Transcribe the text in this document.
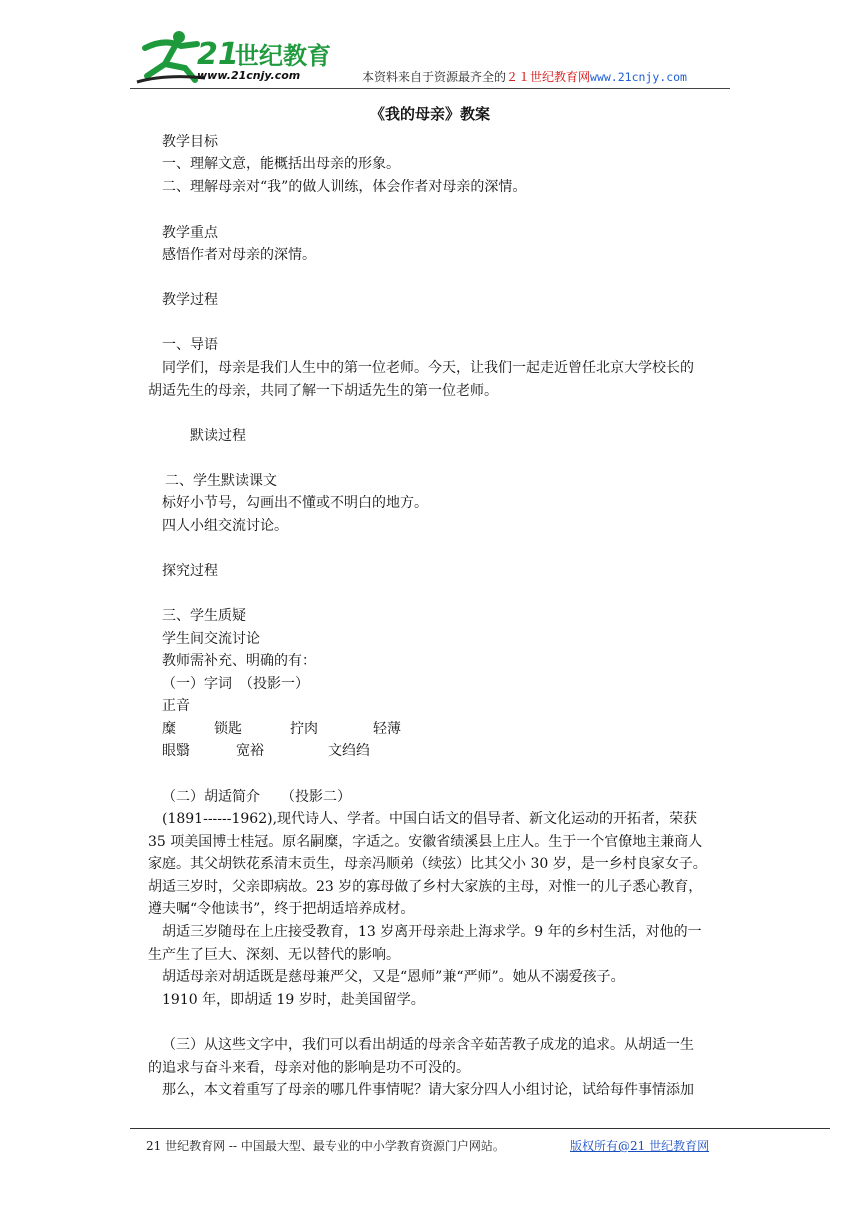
21
世纪教育
www.21cnjy.com	本资料来自于资源最齐全的２１世纪教育网www.21cnjy.com
《我的母亲》教案
教学目标
一、理解文意，能概括出母亲的形象。
二、理解母亲对“我”的做人训练，体会作者对母亲的深情。
教学重点
感悟作者对母亲的深情。
教学过程
一、导语
同学们，母亲是我们人生中的第一位老师。今天，让我们一起走近曾任北京大学校长的
胡适先生的母亲，共同了解一下胡适先生的第一位老师。
默读过程
二、学生默读课文
标好小节号，勾画出不懂或不明白的地方。
四人小组交流讨论。
探究过程
三、学生质疑
学生间交流讨论
教师需补充、明确的有：
（一）字词　（投影一）
正音
糜	锁匙	拧肉	轻薄
眼翳	宽裕	文绉绉
（二）胡适简介　　（投影二）
(1891------1962),现代诗人、学者。中国白话文的倡导者、新文化运动的开拓者，荣获
35 项美国博士桂冠。原名嗣糜，字适之。安徽省绩溪县上庄人。生于一个官僚地主兼商人
家庭。其父胡铁花系清末贡生，母亲冯顺弟（续弦）比其父小 30 岁，是一乡村良家女子。
胡适三岁时，父亲即病故。23 岁的寡母做了乡村大家族的主母，对惟一的儿子悉心教育，
遵夫嘱“令他读书”，终于把胡适培养成材。
胡适三岁随母在上庄接受教育，13 岁离开母亲赴上海求学。9 年的乡村生活，对他的一
生产生了巨大、深刻、无以替代的影响。
胡适母亲对胡适既是慈母兼严父，又是“恩师”兼“严师”。她从不溺爱孩子。
1910 年，即胡适 19 岁时，赴美国留学。
（三）从这些文字中，我们可以看出胡适的母亲含辛茹苦教子成龙的追求。从胡适一生
的追求与奋斗来看，母亲对他的影响是功不可没的。
那么，本文着重写了母亲的哪几件事情呢？请大家分四人小组讨论，试给每件事情添加
21 世纪教育网 -- 中国最大型、最专业的中小学教育资源门户网站。	版权所有@21 世纪教育网
